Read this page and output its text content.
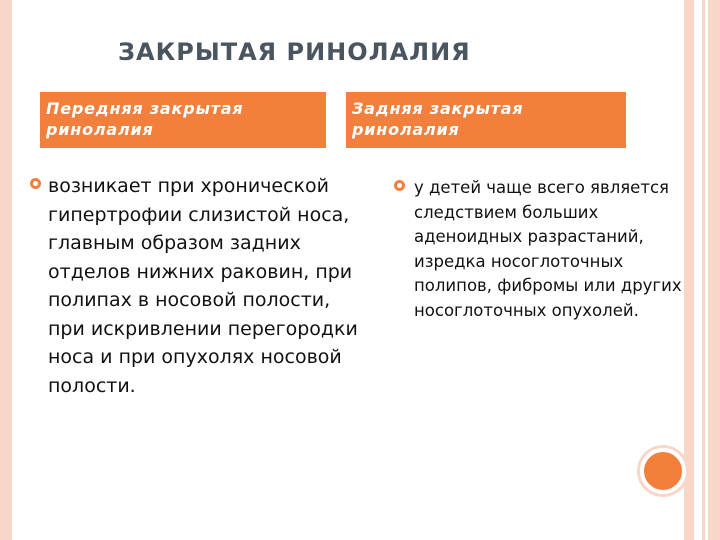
ЗАКРЫТАЯ РИНОЛАЛИЯ
Передняя закрытая ринолалия
Задняя закрытая ринолалия
возникает при хронической гипертрофии слизистой носа, главным образом задних отделов нижних раковин, при полипах в носовой полости, при искривлении перегородки носа и при опухолях носовой полости.
у детей чаще всего является следствием больших аденоидных разрастаний, изредка носоглоточных полипов, фибромы или других носоглоточных опухолей.
